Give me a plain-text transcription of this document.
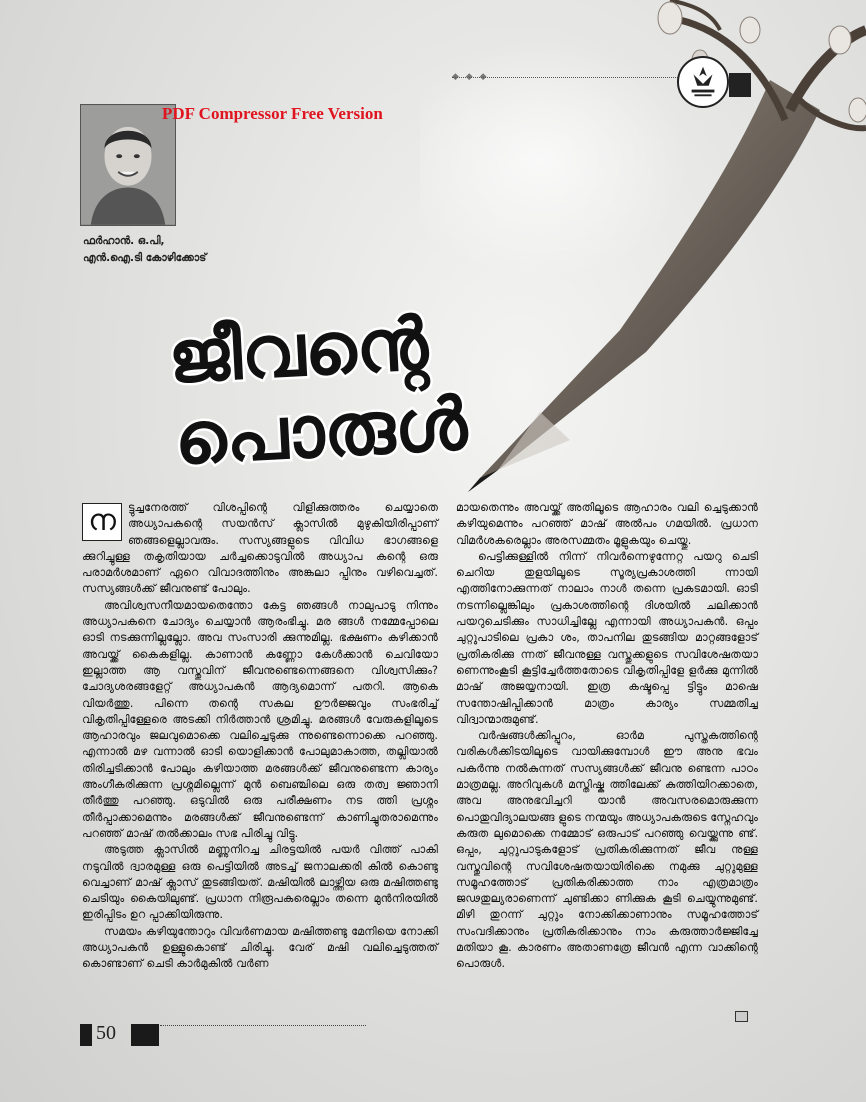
◆ ◆ ◆
PDF Compressor Free Version
ഫർഹാൻ. ഒ.പി,
എൻ.ഐ.ടി കോഴിക്കോട്
ജീവന്റെ
പൊരുൾ

ന	ട്ടുച്ചനേരത്ത് വിശപ്പിന്റെ വിളിക്കുത്തരം ചെയ്യാതെ അധ്യാപകന്റെ സയൻസ് ക്ലാസിൽ മുഴുകിയിരിപ്പാണ് ഞങ്ങളെല്ലാവരും. സസ്യങ്ങളുടെ വിവിധ ഭാഗങ്ങളെ ക്കുറിച്ചുള്ള തകൃതിയായ ചർച്ചക്കൊടുവിൽ അധ്യാപ കന്റെ ഒരു പരാമർശമാണ് ഏറെ വിവാദത്തിനും അങ്കലാ പ്പിനും വഴിവെച്ചത്. സസ്യങ്ങൾക്ക് ജീവനുണ്ട് പോലും.

അവിശ്വസനീയമായതെന്തോ കേട്ട ഞങ്ങൾ നാലുപാടു നിന്നും അധ്യാപകനെ ചോദ്യം ചെയ്യാൻ ആരംഭിച്ചു. മര ങ്ങൾ നമ്മേപ്പോലെ ഓടി നടക്കുന്നില്ലല്ലോ. അവ സംസാരി ക്കുന്നുമില്ല. ഭക്ഷണം കഴിക്കാൻ അവയ്ക്ക് കൈകളില്ല. കാണാൻ കണ്ണോ കേൾക്കാൻ ചെവിയോ ഇല്ലാത്ത ആ വസ്തുവിന് ജീവനുണ്ടെന്നെങ്ങനെ വിശ്വസിക്കും? ചോദ്യശരങ്ങളേറ്റ് അധ്യാപകൻ ആദ്യമൊന്ന് പതറി. ആകെ വിയർത്തു. പിന്നെ തന്റെ സകല ഊർജ്ജവും സംഭരിച്ച് വികൃതിപ്പിള്ളേരെ അടക്കി നിർത്താൻ ശ്രമിച്ചു. മരങ്ങൾ വേരുകളിലൂടെ ആഹാരവും ജലവുമൊക്കെ വലിച്ചെടുക്കു ന്നുണ്ടെന്നൊക്കെ പറഞ്ഞു. എന്നാൽ മഴ വന്നാൽ ഓടി യൊളിക്കാൻ പോലുമാകാത്ത, തല്ലിയാൽ തിരിച്ചടിക്കാൻ പോലും കഴിയാത്ത മരങ്ങൾക്ക് ജീവനുണ്ടെന്ന കാര്യം അംഗീകരിക്കുന്ന പ്രശ്നമില്ലെന്ന് മുൻ ബെഞ്ചിലെ ഒരു തത്വ ജ്ഞാനി തീർത്തു പറഞ്ഞു. ഒടുവിൽ ഒരു പരീക്ഷണം നട ത്തി പ്രശ്നം തീർപ്പാക്കാമെന്നും മരങ്ങൾക്ക് ജീവനുണ്ടെന്ന് കാണിച്ചുതരാമെന്നും പറഞ്ഞ് മാഷ് തൽക്കാലം സഭ പിരിച്ചു വിട്ടു.

അടുത്ത ക്ലാസിൽ മണ്ണുനിറച്ച ചിരട്ടയിൽ പയർ വിത്ത് പാകി നടുവിൽ ദ്വാരമുള്ള ഒരു പെട്ടിയിൽ അടച്ച് ജനാലക്കരി കിൽ കൊണ്ടു വെച്ചാണ് മാഷ് ക്ലാസ് തുടങ്ങിയത്. മഷിയിൽ ലാഴ്ത്തിയ ഒരു മഷിത്തണ്ടു ചെടിയും കൈയിലുണ്ട്. പ്രധാന നിരൂപകരെല്ലാം തന്നെ മുൻനിരയിൽ ഇരിപ്പിടം ഉറ പ്പാക്കിയിരുന്നു.

സമയം കഴിയുന്തോറും വിവർണമായ മഷിത്തണ്ടു മേനിയെ നോക്കി അധ്യാപകൻ ഉള്ളുകൊണ്ട് ചിരിച്ചു. വേര് മഷി വലിച്ചെടുത്തത് കൊണ്ടാണ് ചെടി കാർമുകിൽ വർണ

മായതെന്നും അവയ്ക്ക് അതിലൂടെ ആഹാരം വലി ച്ചെടുക്കാൻ കഴിയുമെന്നും പറഞ്ഞ് മാഷ് അൽപം ഗമയിൽ. പ്രധാന വിമർശകരെല്ലാം അരസമ്മതം മൂളുകയും ചെയ്തു.

പെട്ടിക്കുള്ളിൽ നിന്ന് നിവർന്നെഴുന്നേറ്റ പയറു ചെടി ചെറിയ തുളയിലൂടെ സൂര്യപ്രകാശത്തി ന്നായി എത്തിനോക്കുന്നത് നാലാം നാൾ തന്നെ പ്രകടമായി. ഓടി നടന്നില്ലെങ്കിലും പ്രകാശത്തിന്റെ ദിശയിൽ ചലിക്കാൻ പയറുചെടിക്കും സാധിച്ചില്ലേ എന്നായി അധ്യാപകൻ. ഒപ്പം ചുറ്റുപാടിലെ പ്രകാ ശം, താപനില തുടങ്ങിയ മാറ്റങ്ങളോട് പ്രതികരിക്കു ന്നത് ജീവനുള്ള വസ്തുക്കളുടെ സവിശേഷതയാ ണെന്നുംകൂടി കൂട്ടിച്ചേർത്തതോടെ വികൃതിപ്പിളേ ളർക്കു മുന്നിൽ മാഷ് അജയ്യനായി. ഇത്ര കഷ്ടപ്പെ ട്ടിട്ടും മാഷെ സന്തോഷിപ്പിക്കാൻ മാത്രം കാര്യം സമ്മതിച്ച വിദ്വാന്മാരുമുണ്ട്.

വർഷങ്ങൾക്കിപ്പുറം, ഓർമ പുസ്തകത്തിന്റെ വരികൾക്കിടയിലൂടെ വായിക്കുമ്പോൾ ഈ അനു ഭവം പകർന്നു നൽകുന്നത് സസ്യങ്ങൾക്ക് ജീവനു ണ്ടെന്ന പാഠം മാത്രമല്ല. അറിവുകൾ മസ്തിഷ്ക ത്തിലേക്ക് കുത്തിയിറക്കാതെ, അവ അനുഭവിച്ചറി യാൻ അവസരമൊരുക്കുന്ന പൊതുവിദ്യാലയങ്ങ ളുടെ നന്മയും അധ്യാപകരുടെ സ്നേഹവും കരുത ലുമൊക്കെ നമ്മോട് ഒരുപാട് പറഞ്ഞു വെയ്ക്കുന്നു ണ്ട്. ഒപ്പം, ചുറ്റുപാടുകളോട് പ്രതികരിക്കുന്നത് ജീവ നുള്ള വസ്തുവിന്റെ സവിശേഷതയായിരിക്കെ നമുക്കു ചുറ്റുമുള്ള സമൂഹത്തോട് പ്രതികരിക്കാത്ത നാം എത്രമാത്രം ജഢതുല്യരാണെന്ന് ചുണ്ടിക്കാ ണിക്കുക കൂടി ചെയ്യുന്നുമുണ്ട്. മിഴി തുറന്ന് ചുറ്റും നോക്കിക്കാണാനും സമൂഹത്തോട് സംവദിക്കാനും പ്രതികരിക്കാനും നാം കരുത്താർജ്ജിച്ചേ മതിയാ കൂ. കാരണം അതാണത്രേ ജീവൻ എന്ന വാക്കിന്റെ പൊരുൾ.

50
